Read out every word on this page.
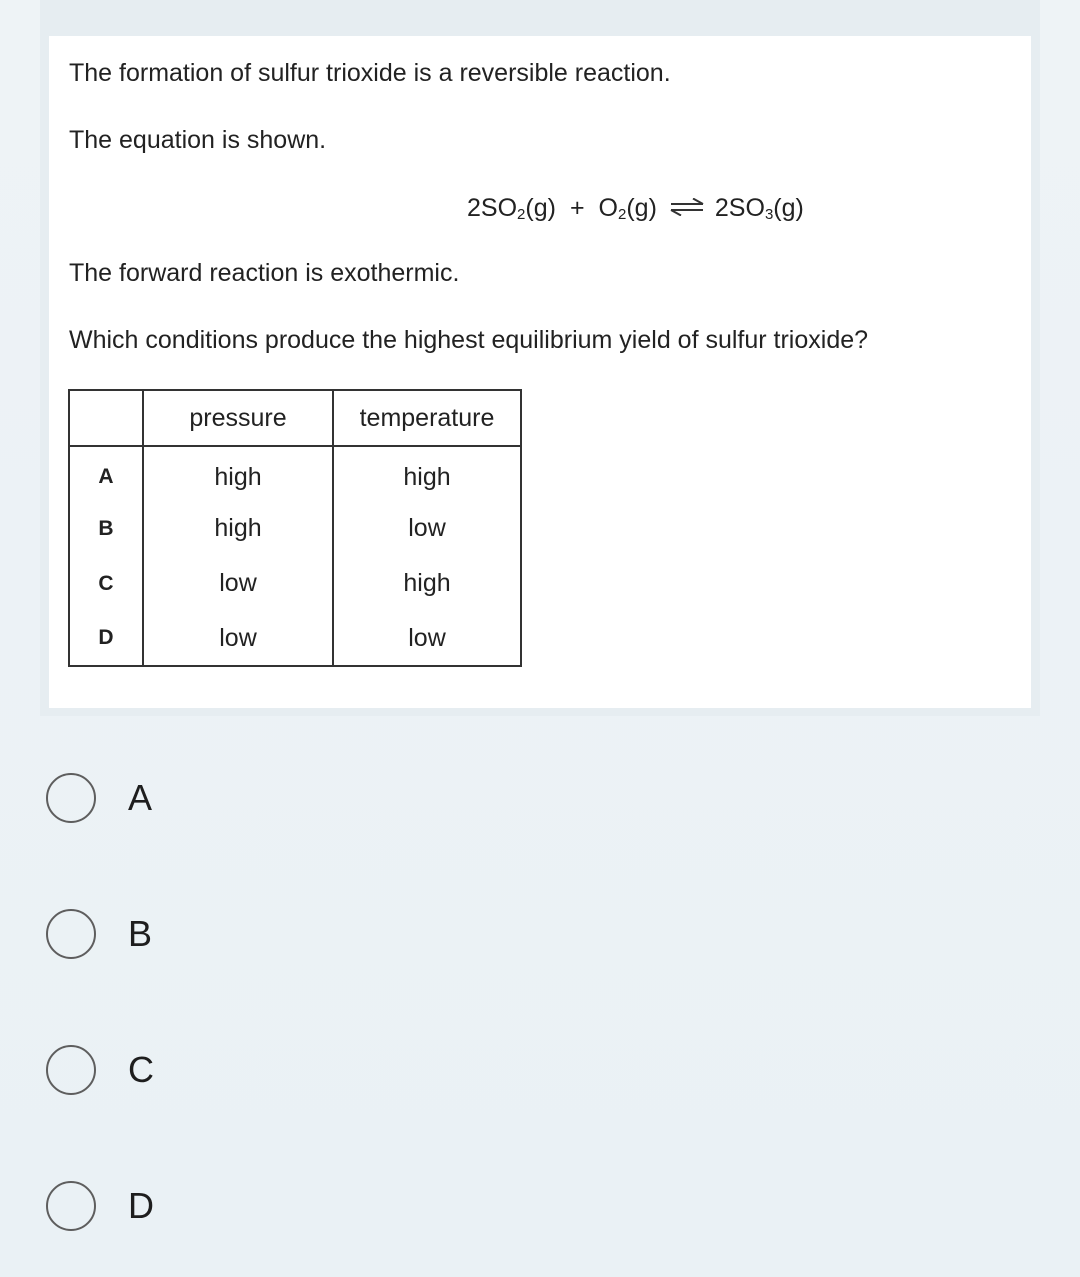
The formation of sulfur trioxide is a reversible reaction.
The equation is shown.
$2SO_2(g) + O_2(g)$ ⇌ $2SO_3(g)$
The forward reaction is exothermic.
Which conditions produce the highest equilibrium yield of sulfur trioxide?
	pressure	temperature
A	high	high
B	high	low
C	low	high
D	low	low
A
B
C
D
